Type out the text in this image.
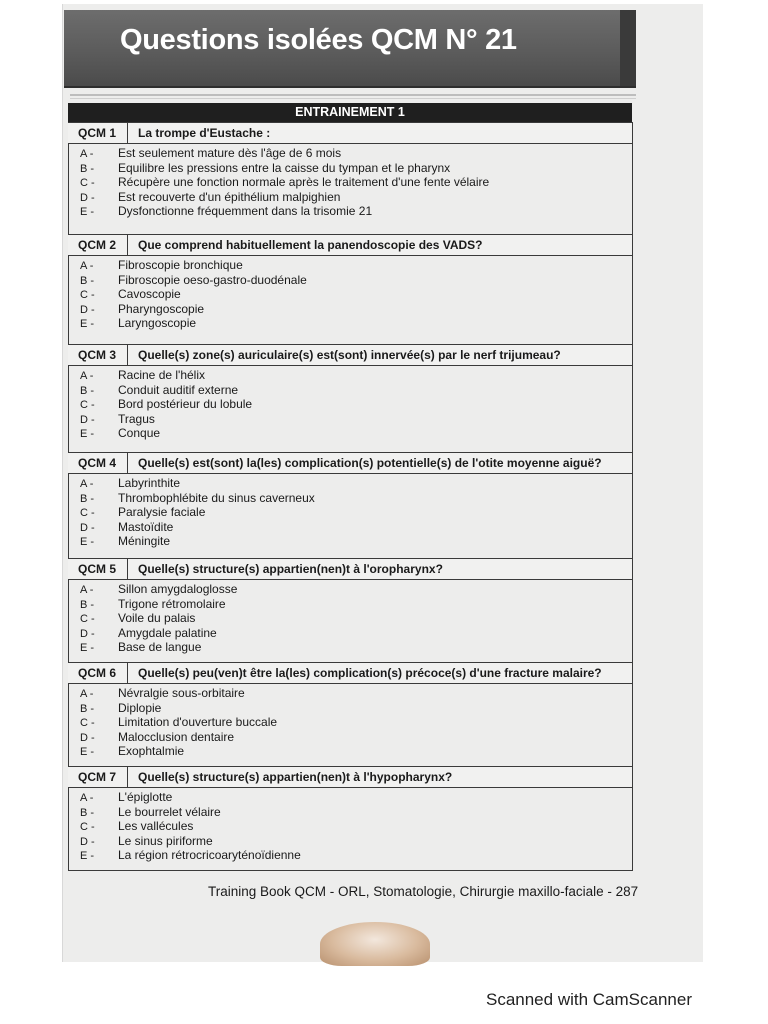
Questions isolées QCM N° 21
ENTRAINEMENT 1
QCM 1	La trompe d'Eustache :
A - Est seulement mature dès l'âge de 6 mois
B - Equilibre les pressions entre la caisse du tympan et le pharynx
C - Récupère une fonction normale après le traitement d'une fente vélaire
D - Est recouverte d'un épithélium malpighien
E - Dysfonctionne fréquemment dans la trisomie 21
QCM 2	Que comprend habituellement la panendoscopie des VADS?
A - Fibroscopie bronchique
B - Fibroscopie oeso-gastro-duodénale
C - Cavoscopie
D - Pharyngoscopie
E - Laryngoscopie
QCM 3	Quelle(s) zone(s) auriculaire(s) est(sont) innervée(s) par le nerf trijumeau?
A - Racine de l'hélix
B - Conduit auditif externe
C - Bord postérieur du lobule
D - Tragus
E - Conque
QCM 4	Quelle(s) est(sont) la(les) complication(s) potentielle(s) de l'otite moyenne aiguë?
A - Labyrinthite
B - Thrombophlébite du sinus caverneux
C - Paralysie faciale
D - Mastoïdite
E - Méningite
QCM 5	Quelle(s) structure(s) appartien(nen)t à l'oropharynx?
A - Sillon amygdaloglosse
B - Trigone rétromolaire
C - Voile du palais
D - Amygdale palatine
E - Base de langue
QCM 6	Quelle(s) peu(ven)t être la(les) complication(s) précoce(s) d'une fracture malaire?
A - Névralgie sous-orbitaire
B - Diplopie
C - Limitation d'ouverture buccale
D - Malocclusion dentaire
E - Exophtalmie
QCM 7	Quelle(s) structure(s) appartien(nen)t à l'hypopharynx?
A - L'épiglotte
B - Le bourrelet vélaire
C - Les vallécules
D - Le sinus piriforme
E - La région rétrocricoaryténoïdienne
Training Book QCM - ORL, Stomatologie, Chirurgie maxillo-faciale - 287
Scanned with CamScanner
